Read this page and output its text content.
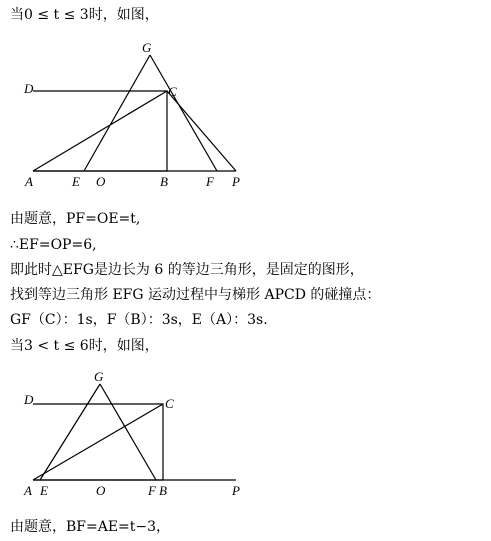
当0 ≤ t ≤ 3时，如图，
G
D	C
A	E O	B	F P
由题意，PF=OE=t,
∴EF=OP=6,
即此时△EFG是边长为 6 的等边三角形，是固定的图形，
找到等边三角形 EFG 运动过程中与梯形 APCD 的碰撞点：
GF（C）：1s，F（B）：3s，E（A）：3s.
当3 < t ≤ 6时，如图，
G
D	C
A E	O	F B	P
由题意，BF=AE=t−3，
